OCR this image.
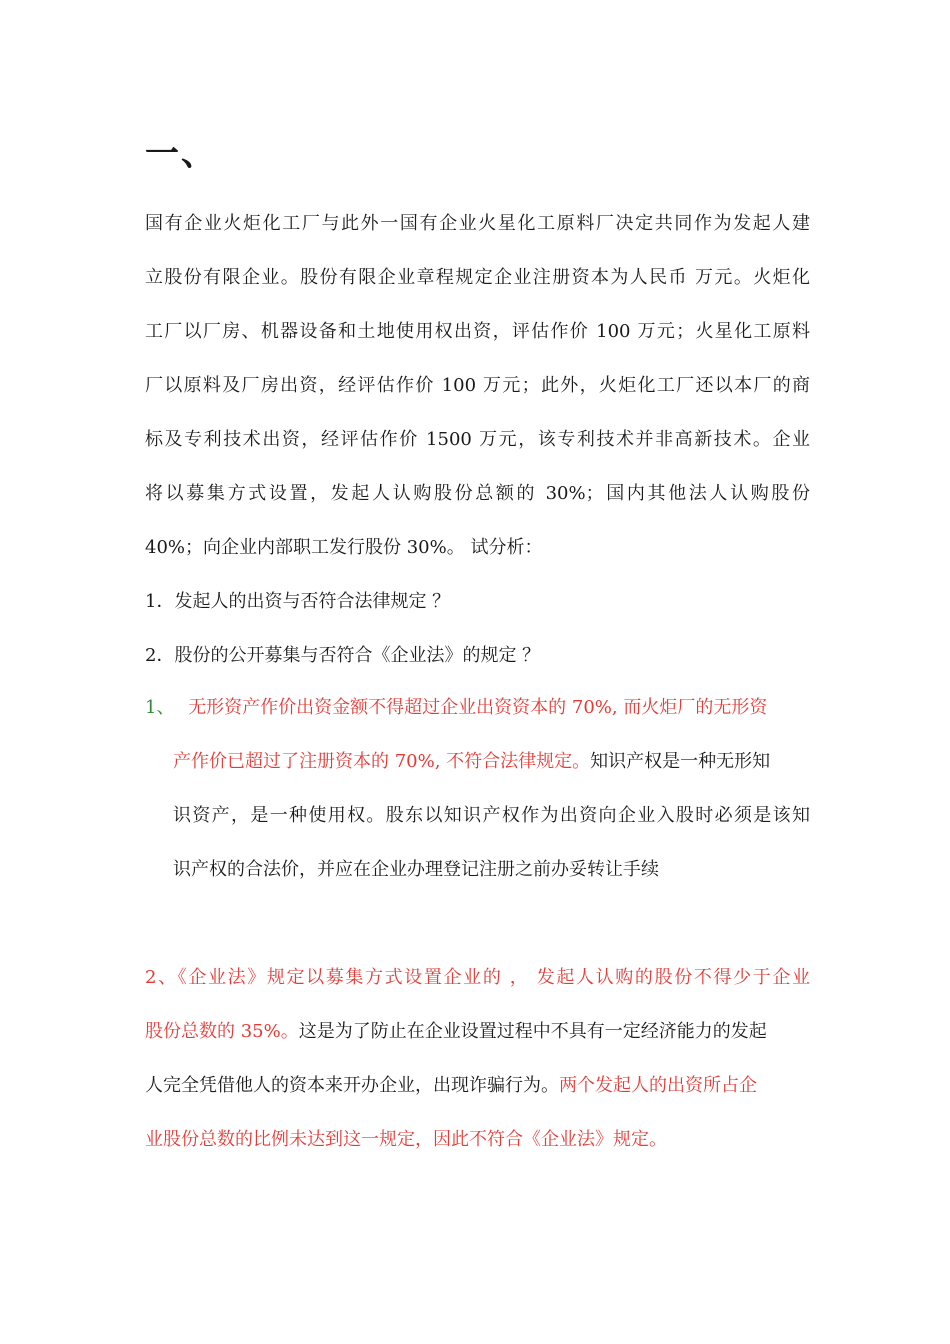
一、
国有企业火炬化工厂与此外一国有企业火星化工原料厂决定共同作为发起人建
立股份有限企业。股份有限企业章程规定企业注册资本为人民币 万元。火炬化
工厂以厂房、机器设备和土地使用权出资，评估作价 100 万元；火星化工原料
厂以原料及厂房出资，经评估作价 100 万元；此外，火炬化工厂还以本厂的商
标及专利技术出资，经评估作价 1500 万元，该专利技术并非高新技术。企业
将以募集方式设置，发起人认购股份总额的 30%；国内其他法人认购股份
40%；向企业内部职工发行股份 30%。 试分析：
1．发起人的出资与否符合法律规定 ？
2．股份的公开募集与否符合《企业法》的规定 ？
1、 无形资产作价出资金额不得超过企业出资资本的 70%, 而火炬厂的无形资
产作价已超过了注册资本的 70%, 不符合法律规定。知识产权是一种无形知
识资产，是一种使用权。股东以知识产权作为出资向企业入股时必须是该知
识产权的合法价，并应在企业办理登记注册之前办妥转让手续
2、《企业法》规定以募集方式设置企业的 ， 发起人认购的股份不得少于企业
股份总数的 35%。这是为了防止在企业设置过程中不具有一定经济能力的发起
人完全凭借他人的资本来开办企业，出现诈骗行为。两个发起人的出资所占企
业股份总数的比例未达到这一规定，因此不符合《企业法》规定。
